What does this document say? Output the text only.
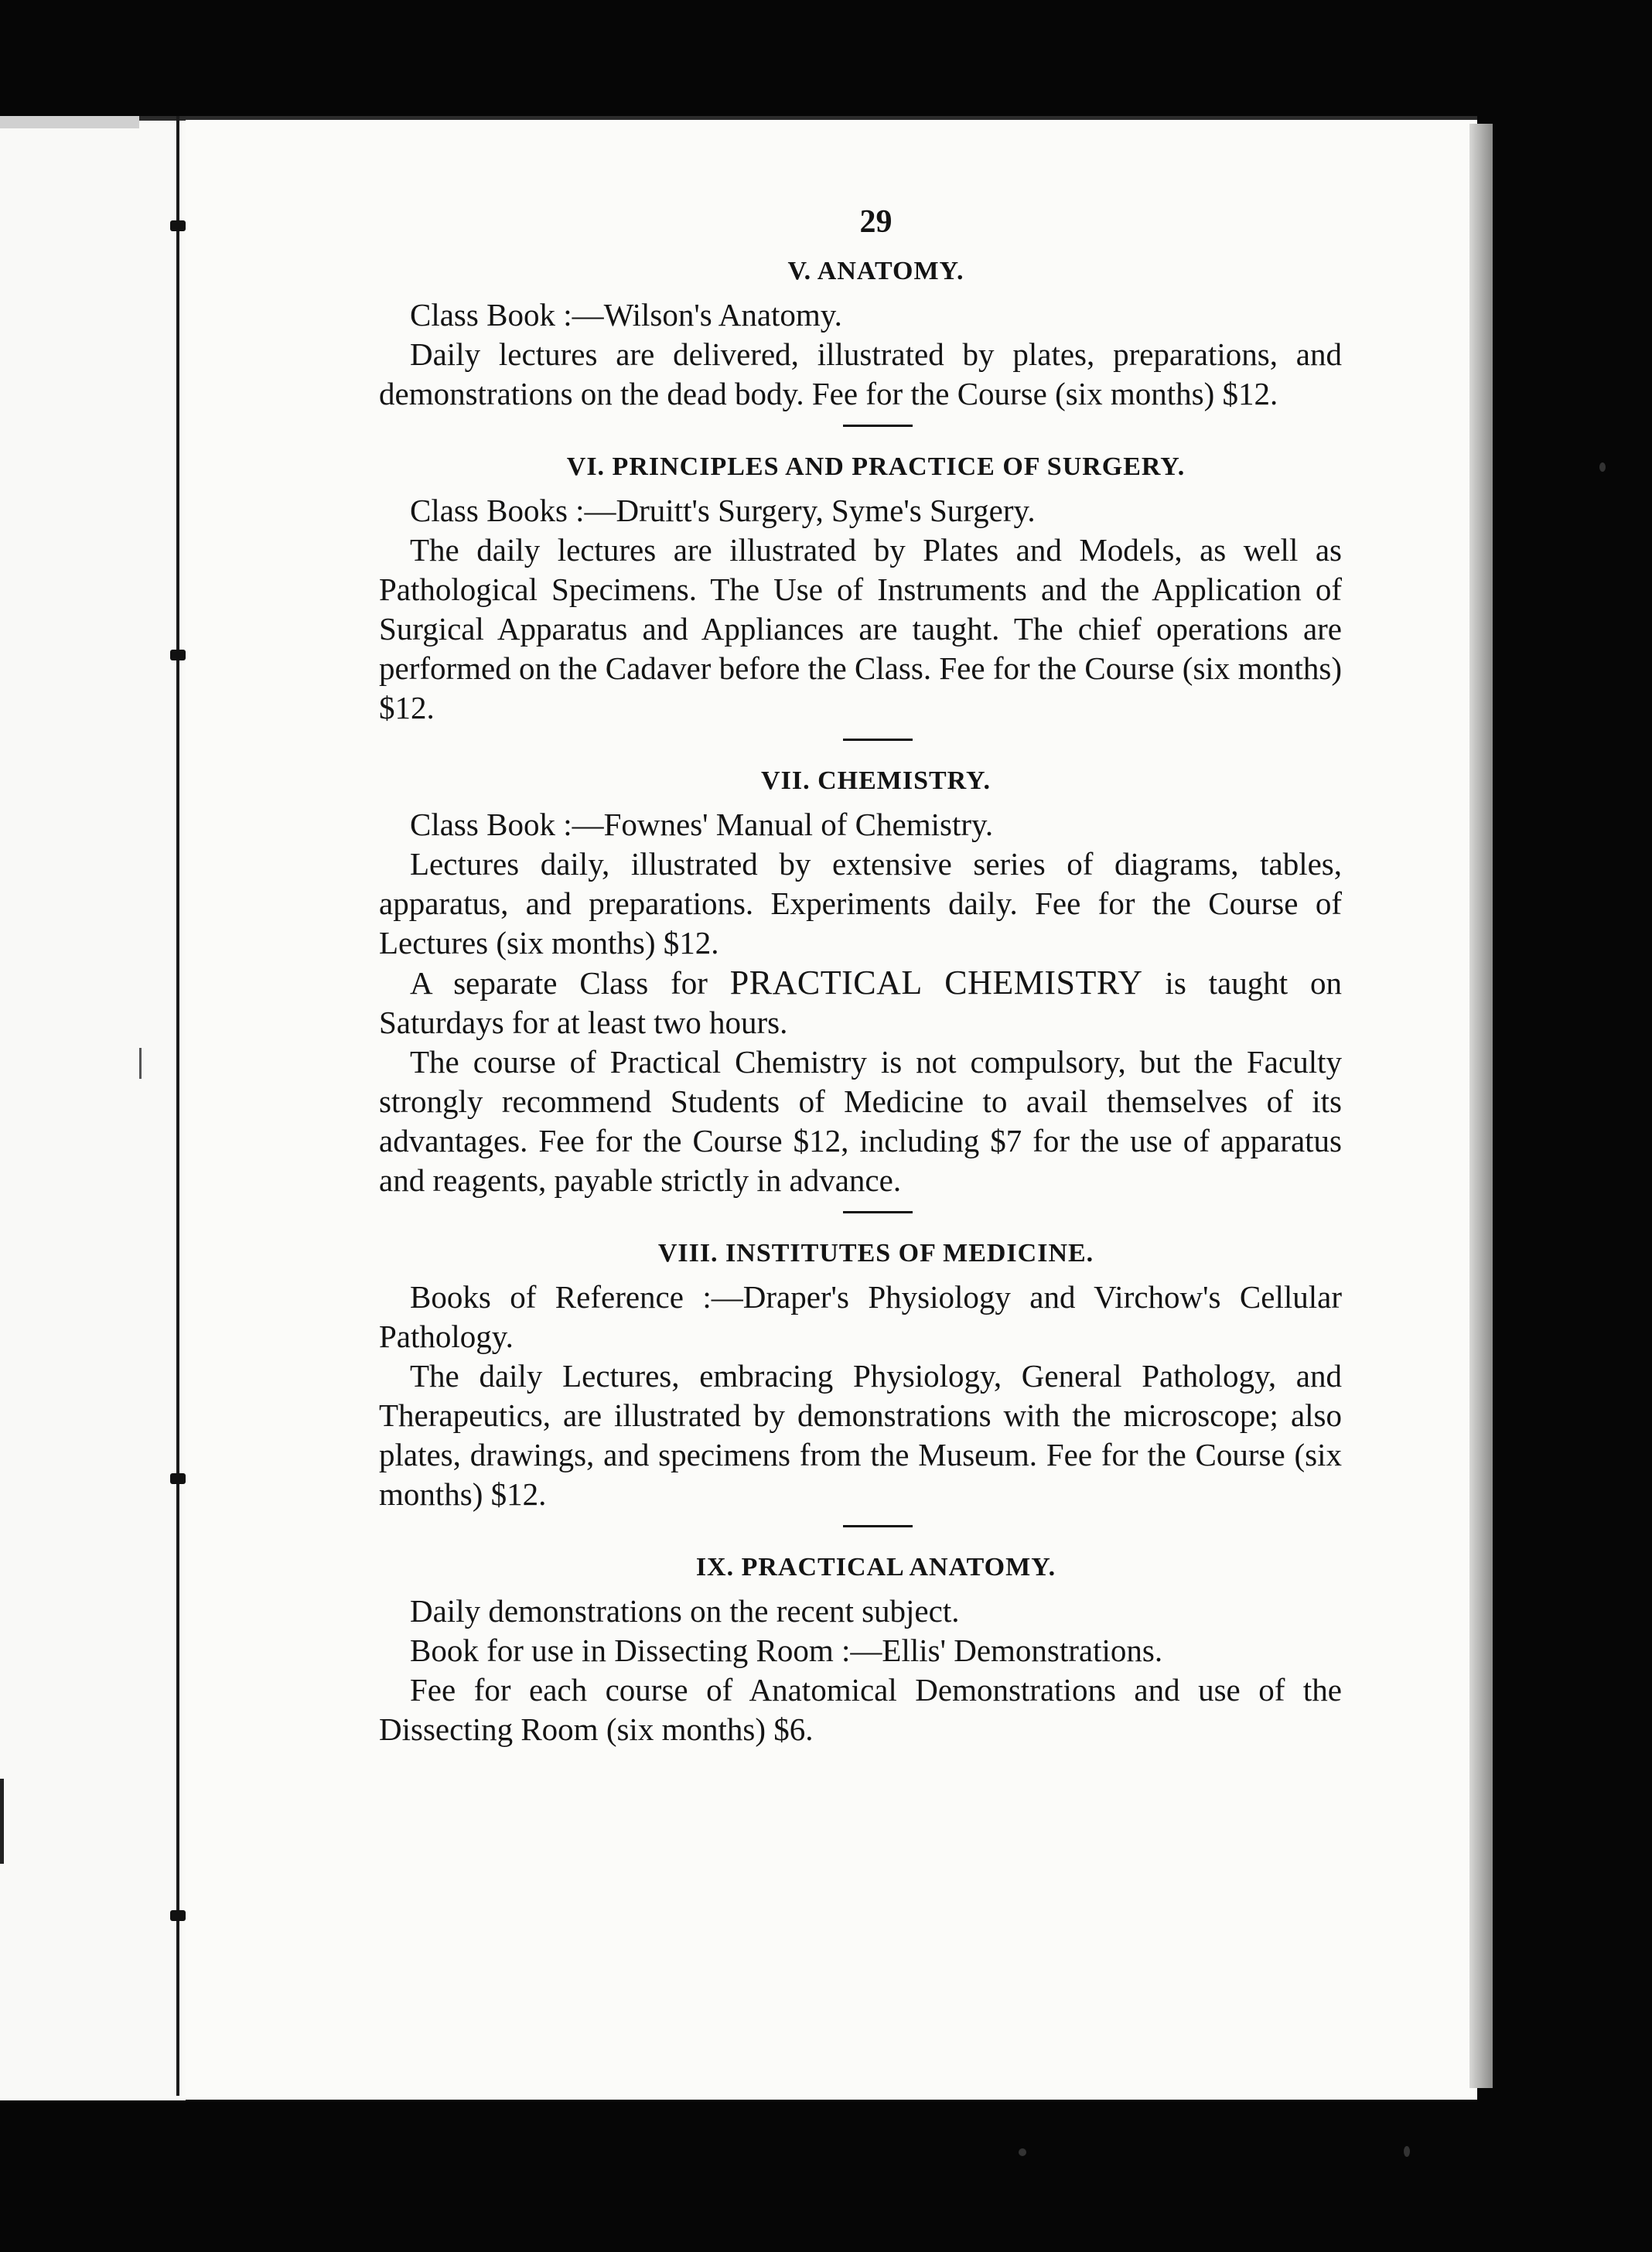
29

V. ANATOMY.

Class Book :—Wilson's Anatomy.

Daily lectures are delivered, illustrated by plates, preparations, and demonstrations on the dead body. Fee for the Course (six months) $12.

VI. PRINCIPLES AND PRACTICE OF SURGERY.

Class Books :—Druitt's Surgery, Syme's Surgery.

The daily lectures are illustrated by Plates and Models, as well as Pathological Specimens. The Use of Instruments and the Application of Surgical Apparatus and Appliances are taught. The chief operations are performed on the Cadaver before the Class. Fee for the Course (six months) $12.

VII. CHEMISTRY.

Class Book :—Fownes' Manual of Chemistry.

Lectures daily, illustrated by extensive series of diagrams, tables, apparatus, and preparations. Experiments daily. Fee for the Course of Lectures (six months) $12.

A separate Class for PRACTICAL CHEMISTRY is taught on Saturdays for at least two hours.

The course of Practical Chemistry is not compulsory, but the Faculty strongly recommend Students of Medicine to avail themselves of its advantages. Fee for the Course $12, including $7 for the use of apparatus and reagents, payable strictly in advance.

VIII. INSTITUTES OF MEDICINE.

Books of Reference :—Draper's Physiology and Virchow's Cellular Pathology.

The daily Lectures, embracing Physiology, General Pathology, and Therapeutics, are illustrated by demonstrations with the microscope; also plates, drawings, and specimens from the Museum. Fee for the Course (six months) $12.

IX. PRACTICAL ANATOMY.

Daily demonstrations on the recent subject.

Book for use in Dissecting Room :—Ellis' Demonstrations.

Fee for each course of Anatomical Demonstrations and use of the Dissecting Room (six months) $6.
